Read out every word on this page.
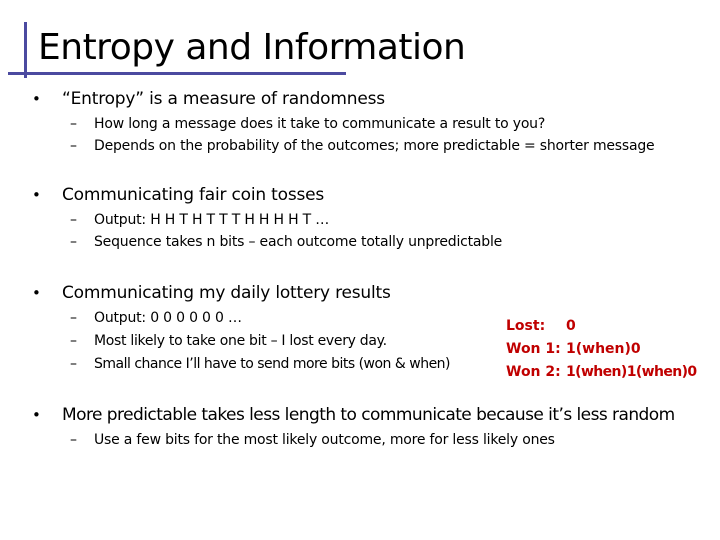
Entropy and Information
• “Entropy” is a measure of randomness
– How long a message does it take to communicate a result to you?
– Depends on the probability of the outcomes; more predictable = shorter message
• Communicating fair coin tosses
– Output: H H T H T T T H H H H T …
– Sequence takes n bits – each outcome totally unpredictable
• Communicating my daily lottery results
– Output: 0 0 0 0 0 0 …
– Most likely to take one bit – I lost every day.
– Small chance I’ll have to send more bits (won & when)
Lost: 0
Won 1: 1(when)0
Won 2: 1(when)1(when)0
• More predictable takes less length to communicate because it’s less random
– Use a few bits for the most likely outcome, more for less likely ones
